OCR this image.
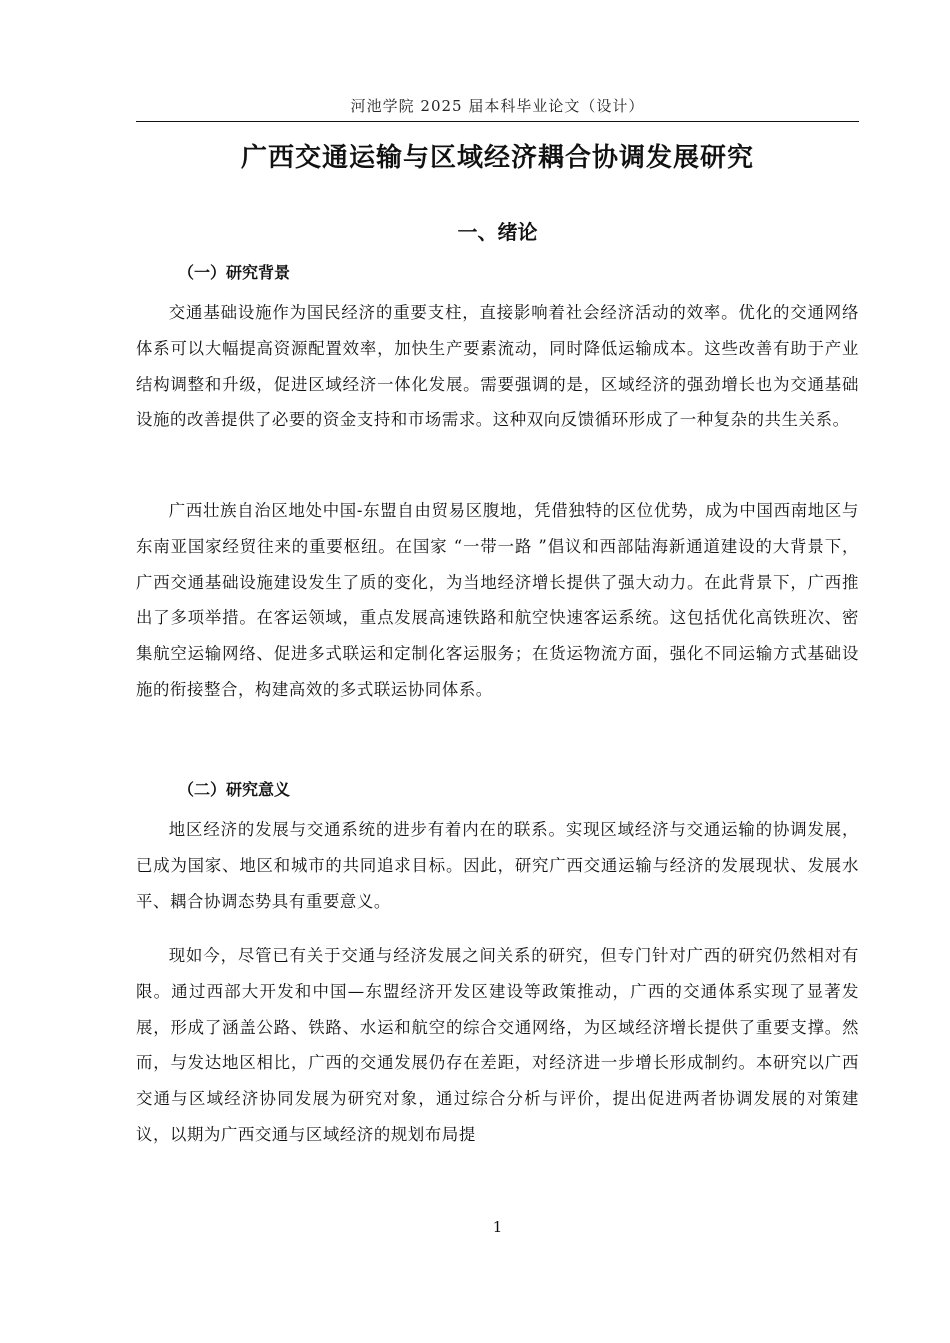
河池学院 2025 届本科毕业论文（设计）
广西交通运输与区域经济耦合协调发展研究
一、绪论
（一）研究背景

交通基础设施作为国民经济的重要支柱，直接影响着社会经济活动的效率。优化的交通网络体系可以大幅提高资源配置效率，加快生产要素流动，同时降低运输成本。这些改善有助于产业结构调整和升级，促进区域经济一体化发展。需要强调的是，区域经济的强劲增长也为交通基础设施的改善提供了必要的资金支持和市场需求。这种双向反馈循环形成了一种复杂的共生关系。

广西壮族自治区地处中国-东盟自由贸易区腹地，凭借独特的区位优势，成为中国西南地区与东南亚国家经贸往来的重要枢纽。在国家 “一带一路 ”倡议和西部陆海新通道建设的大背景下，广西交通基础设施建设发生了质的变化，为当地经济增长提供了强大动力。在此背景下，广西推出了多项举措。在客运领域，重点发展高速铁路和航空快速客运系统。这包括优化高铁班次、密集航空运输网络、促进多式联运和定制化客运服务；在货运物流方面，强化不同运输方式基础设施的衔接整合，构建高效的多式联运协同体系。

（二）研究意义

地区经济的发展与交通系统的进步有着内在的联系。实现区域经济与交通运输的协调发展，已成为国家、地区和城市的共同追求目标。因此，研究广西交通运输与经济的发展现状、发展水平、耦合协调态势具有重要意义。

现如今，尽管已有关于交通与经济发展之间关系的研究，但专门针对广西的研究仍然相对有限。通过西部大开发和中国—东盟经济开发区建设等政策推动，广西的交通体系实现了显著发展，形成了涵盖公路、铁路、水运和航空的综合交通网络，为区域经济增长提供了重要支撑。然而，与发达地区相比，广西的交通发展仍存在差距，对经济进一步增长形成制约。本研究以广西交通与区域经济协同发展为研究对象，通过综合分析与评价，提出促进两者协调发展的对策建议，以期为广西交通与区域经济的规划布局提

1
